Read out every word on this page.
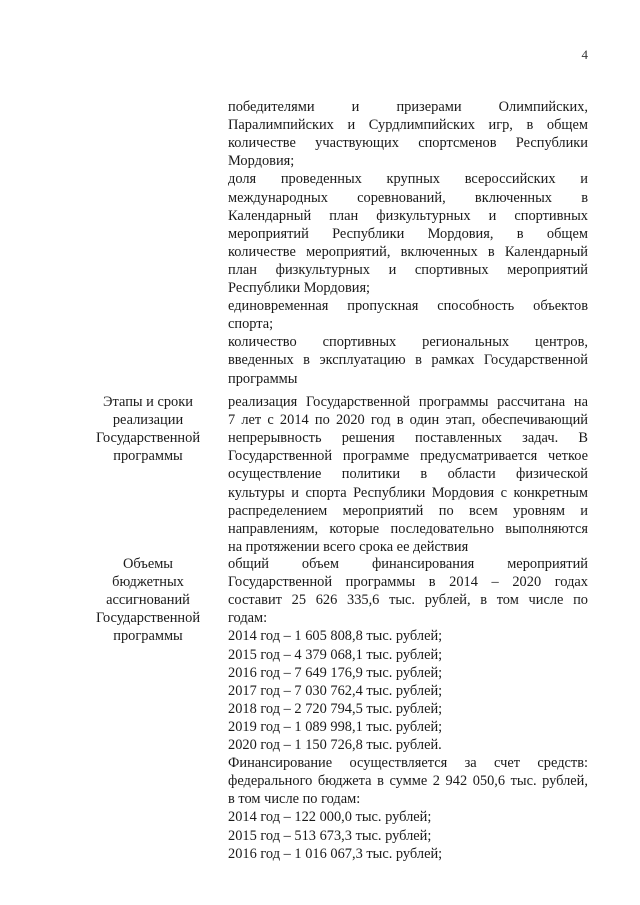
4
победителями и призерами Олимпийских,
Паралимпийских и Сурдлимпийских игр, в общем
количестве участвующих спортсменов Республики
Мордовия;
доля проведенных крупных всероссийских и
международных соревнований, включенных в
Календарный план физкультурных и спортивных
мероприятий Республики Мордовия, в общем
количестве мероприятий, включенных в Календарный
план физкультурных и спортивных мероприятий
Республики Мордовия;
единовременная пропускная способность объектов
спорта;
количество спортивных региональных центров,
введенных в эксплуатацию в рамках Государственной
программы
Этапы и сроки
реализации
Государственной
программы
реализация Государственной программы рассчитана на
7 лет с 2014 по 2020 год в один этап, обеспечивающий
непрерывность решения поставленных задач. В
Государственной программе предусматривается четкое
осуществление политики в области физической
культуры и спорта Республики Мордовия с конкретным
распределением мероприятий по всем уровням и
направлениям, которые последовательно выполняются
на протяжении всего срока ее действия
Объемы
бюджетных
ассигнований
Государственной
программы
общий объем финансирования мероприятий
Государственной программы в 2014 – 2020 годах
составит 25 626 335,6 тыс. рублей, в том числе по
годам:
2014 год – 1 605 808,8 тыс. рублей;
2015 год – 4 379 068,1 тыс. рублей;
2016 год – 7 649 176,9 тыс. рублей;
2017 год – 7 030 762,4 тыс. рублей;
2018 год – 2 720 794,5 тыс. рублей;
2019 год – 1 089 998,1 тыс. рублей;
2020 год – 1 150 726,8 тыс. рублей.
Финансирование осуществляется за счет средств:
федерального бюджета в сумме 2 942 050,6 тыс. рублей,
в том числе по годам:
2014 год – 122 000,0 тыс. рублей;
2015 год – 513 673,3 тыс. рублей;
2016 год – 1 016 067,3 тыс. рублей;
